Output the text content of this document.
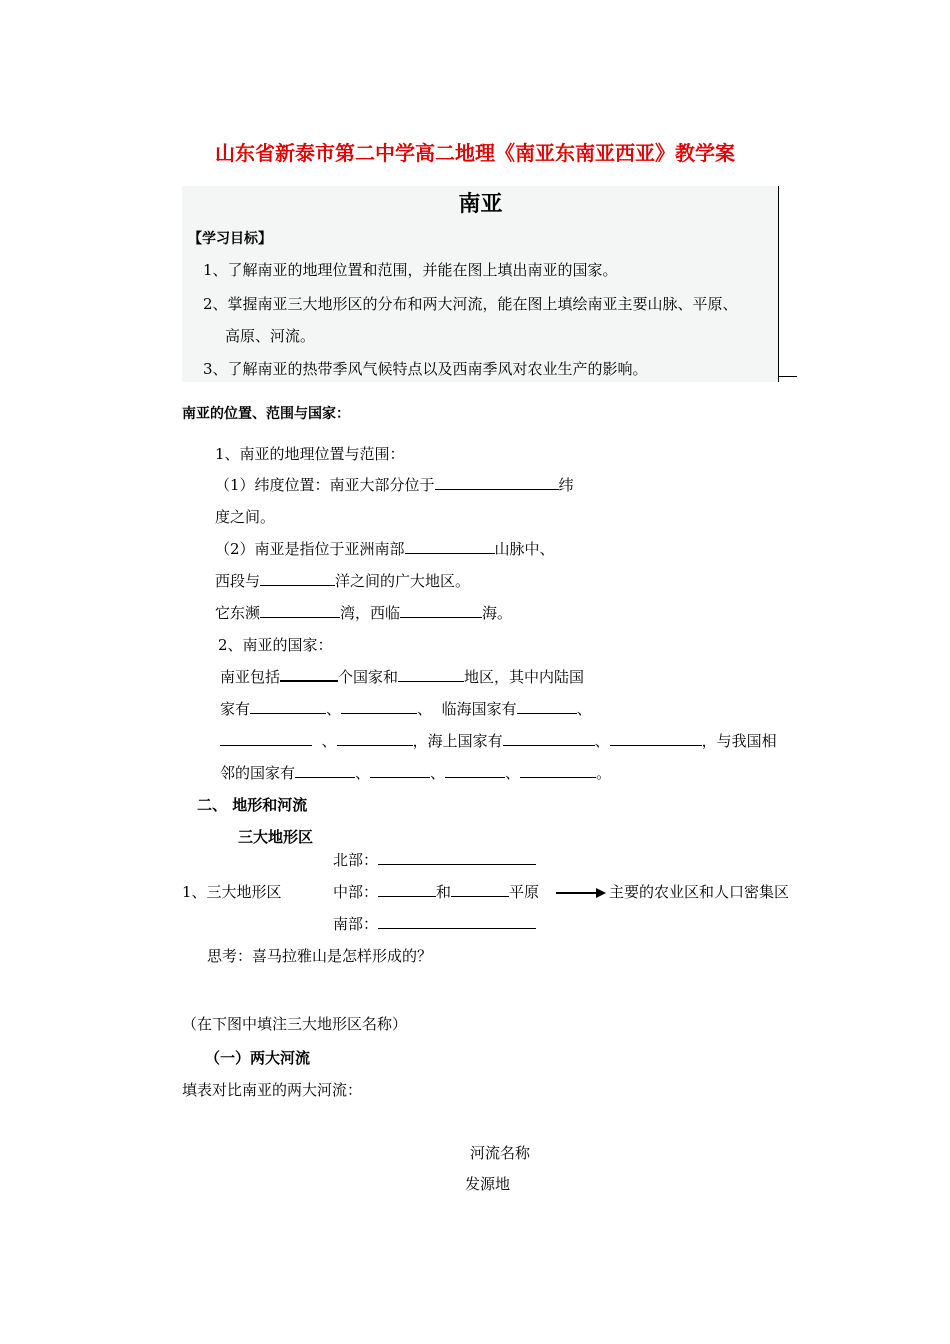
山东省新泰市第二中学高二地理《南亚东南亚西亚》教学案
南亚
【学习目标】
1、了解南亚的地理位置和范围，并能在图上填出南亚的国家。
2、掌握南亚三大地形区的分布和两大河流，能在图上填绘南亚主要山脉、平原、
高原、河流。
3、了解南亚的热带季风气候特点以及西南季风对农业生产的影响。
南亚的位置、范围与国家：
1、南亚的地理位置与范围：
（1）纬度位置：南亚大部分位于	纬
度之间。
（2）南亚是指位于亚洲南部	山脉中、
西段与	洋之间的广大地区。
它东濒	湾，西临	海。
2、南亚的国家：
南亚包括	个国家和	地区，其中内陆国
家有	、	、 临海国家有	、
、	，海上国家有	、	，与我国相
邻的国家有	、	、	、	。
二、 地形和河流
三大地形区
北部：
1、三大地形区	中部：	和	平原	主要的农业区和人口密集区
南部：
思考：喜马拉雅山是怎样形成的？
（在下图中填注三大地形区名称）
（一）两大河流
填表对比南亚的两大河流：
河流名称
发源地
